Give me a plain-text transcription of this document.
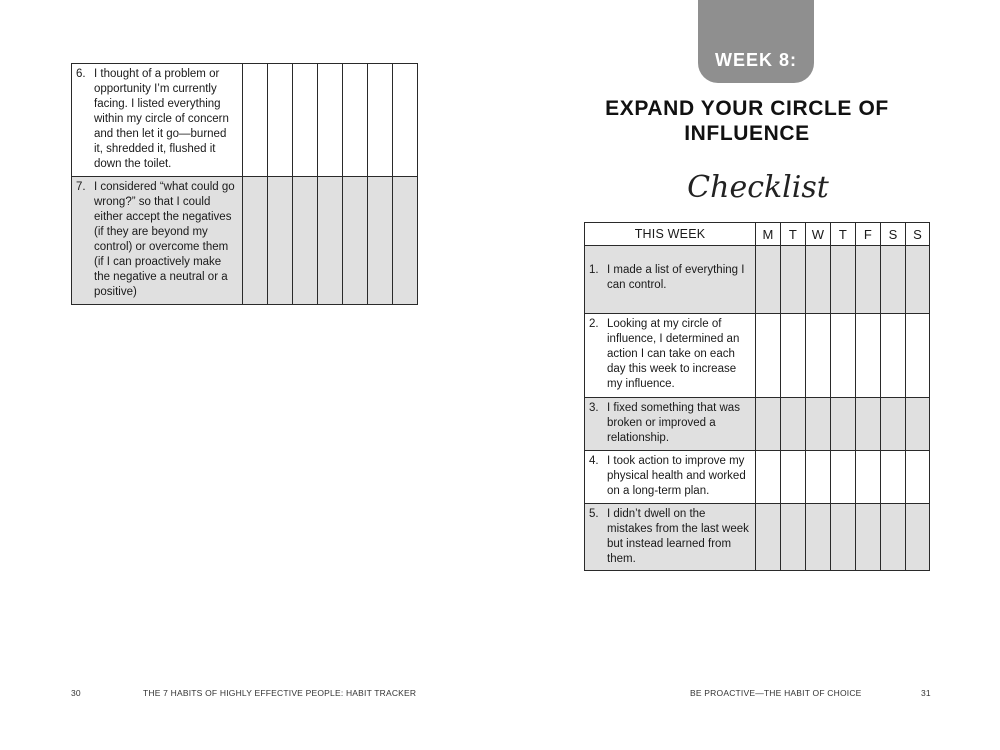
6. I thought of a problem or opportunity I’m currently facing. I listed everything within my circle of concern and then let it go—burned it, shredded it, flushed it down the toilet.							

7. I considered “what could go wrong?” so that I could either accept the negatives (if they are beyond my control) or overcome them (if I can proactively make the negative a neutral or a positive)							

30	THE 7 HABITS OF HIGHLY EFFECTIVE PEOPLE: HABIT TRACKER
WEEK 8:
EXPAND YOUR CIRCLE OF INFLUENCE
Checklist
THIS WEEK	M	T	W	T	F	S	S

1. I made a list of everything I can control.							

2. Looking at my circle of influence, I determined an action I can take on each day this week to increase my influence.							

3. I fixed something that was broken or improved a relationship.							

4. I took action to improve my physical health and worked on a long-term plan.							

5. I didn’t dwell on the mistakes from the last week but instead learned from them.							

BE PROACTIVE—THE HABIT OF CHOICE	31
